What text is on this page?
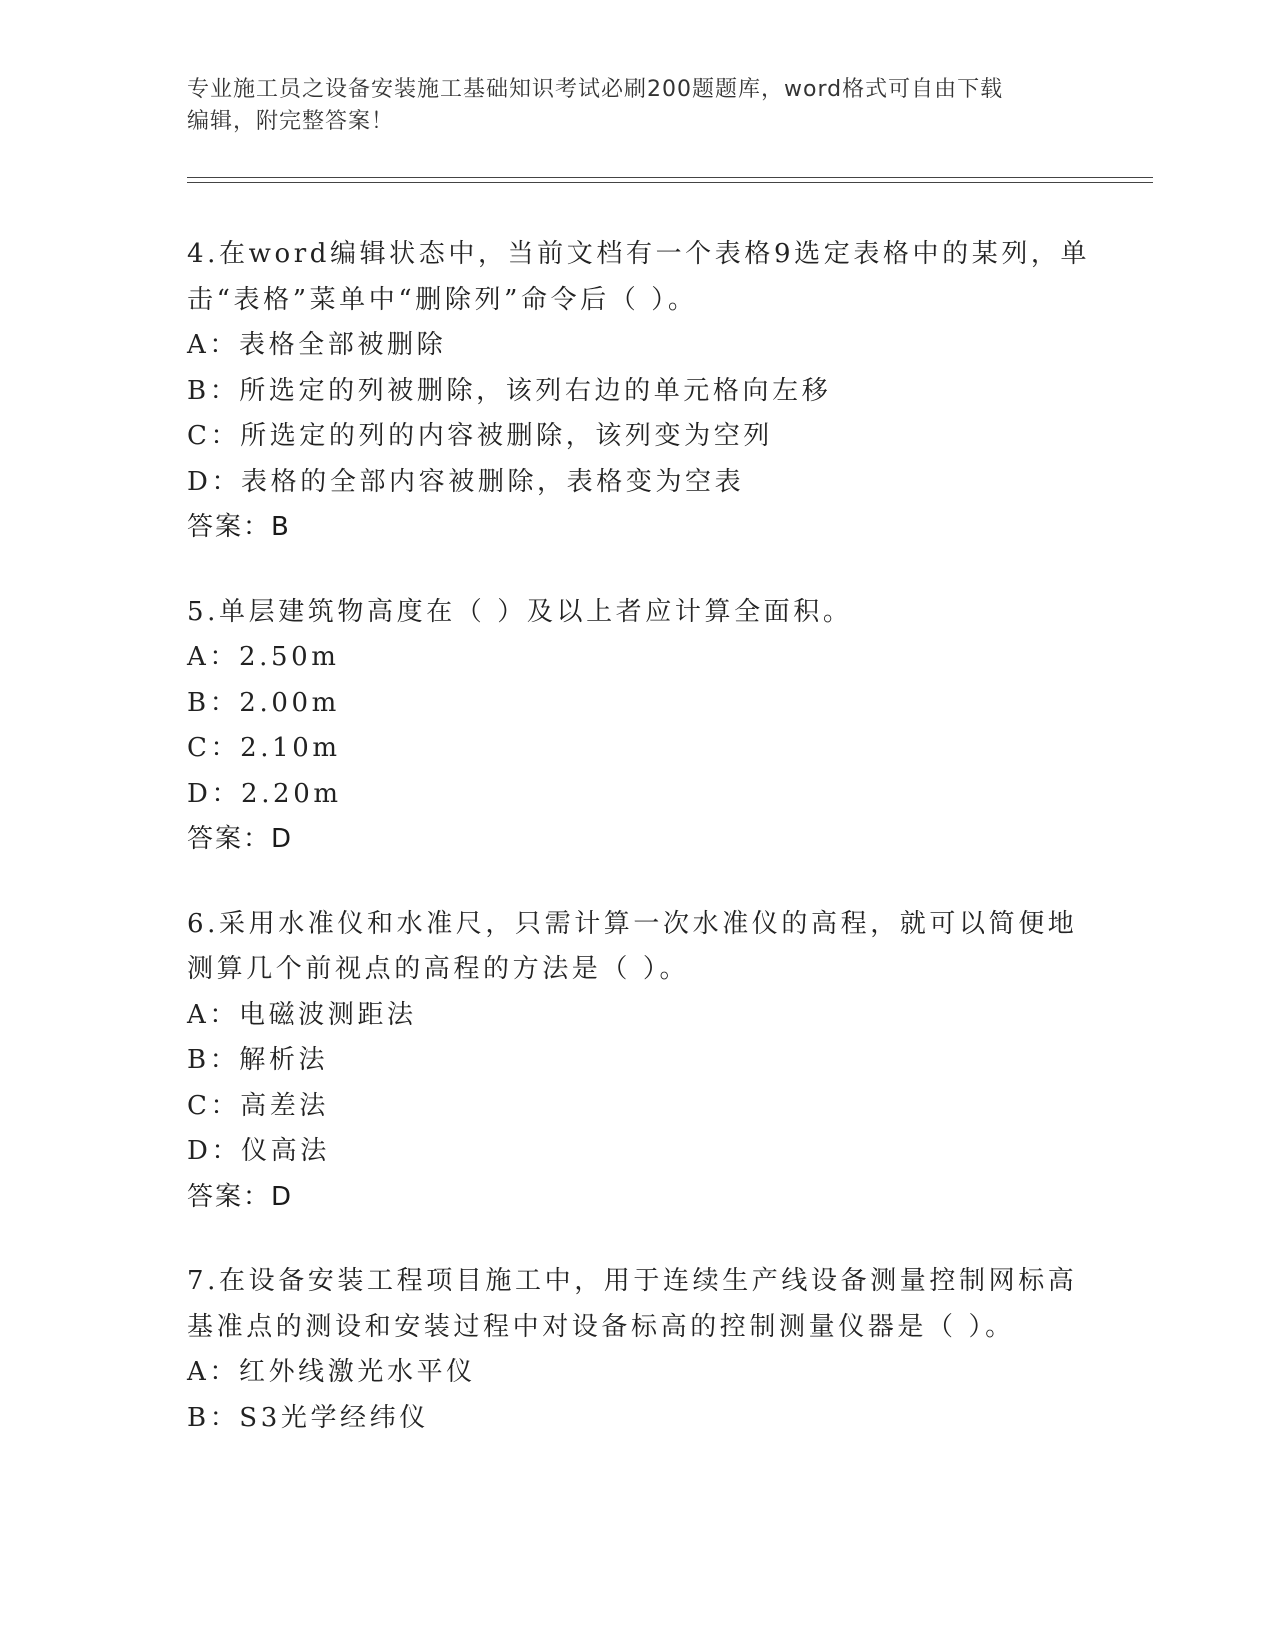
专业施工员之设备安装施工基础知识考试必刷200题题库，word格式可自由下载
编辑，附完整答案！
4.在word编辑状态中，当前文档有一个表格9选定表格中的某列，单
击“表格”菜单中“删除列”命令后（ ）。
A：表格全部被删除
B：所选定的列被删除，该列右边的单元格向左移
C：所选定的列的内容被删除，该列变为空列
D：表格的全部内容被删除，表格变为空表
答案：B
5.单层建筑物高度在（ ）及以上者应计算全面积。
A：2.50m
B：2.00m
C：2.10m
D：2.20m
答案：D
6.采用水准仪和水准尺，只需计算一次水准仪的高程，就可以简便地
测算几个前视点的高程的方法是（ ）。
A：电磁波测距法
B：解析法
C：高差法
D：仪高法
答案：D
7.在设备安装工程项目施工中，用于连续生产线设备测量控制网标高
基准点的测设和安装过程中对设备标高的控制测量仪器是（ ）。
A：红外线激光水平仪
B：S3光学经纬仪
